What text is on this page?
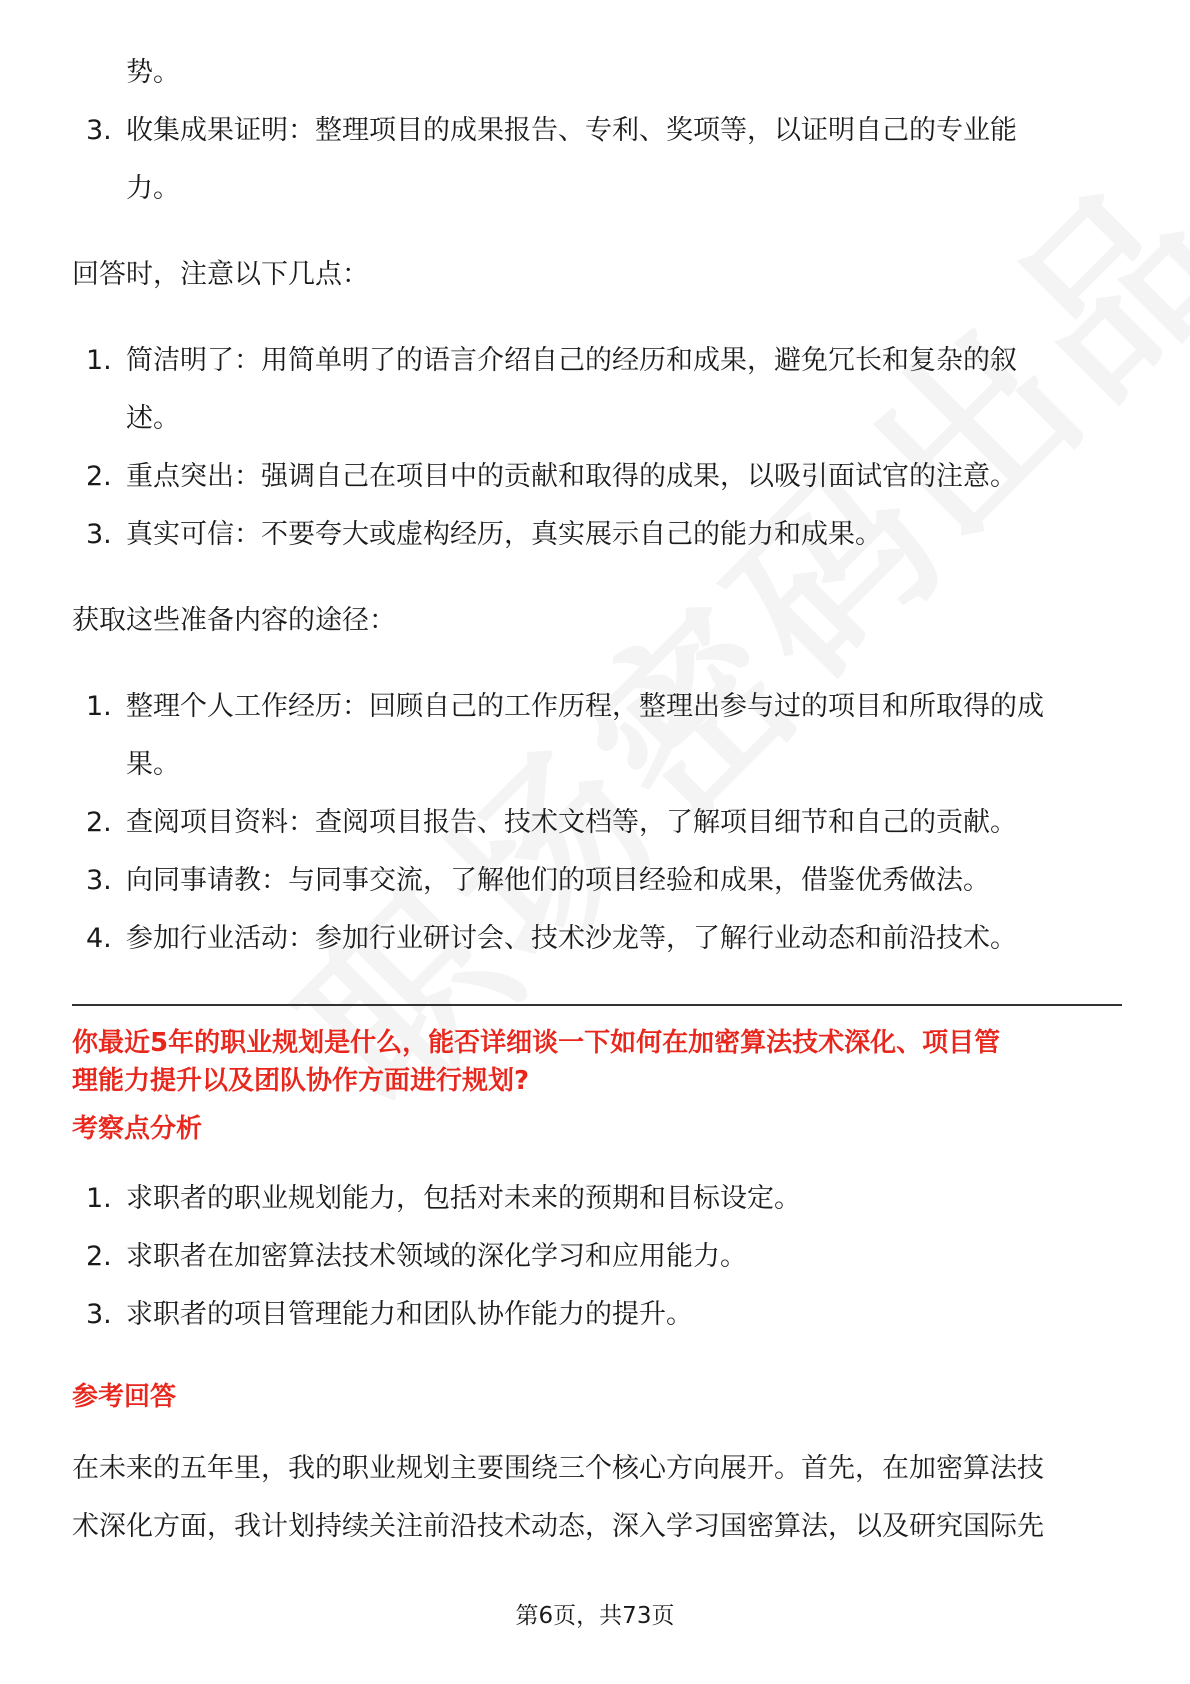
势。
3. 收集成果证明：整理项目的成果报告、专利、奖项等，以证明自己的专业能
力。

回答时，注意以下几点：

1. 简洁明了：用简单明了的语言介绍自己的经历和成果，避免冗长和复杂的叙
述。
2. 重点突出：强调自己在项目中的贡献和取得的成果，以吸引面试官的注意。
3. 真实可信：不要夸大或虚构经历，真实展示自己的能力和成果。

获取这些准备内容的途径：

1. 整理个人工作经历：回顾自己的工作历程，整理出参与过的项目和所取得的成
果。
2. 查阅项目资料：查阅项目报告、技术文档等，了解项目细节和自己的贡献。
3. 向同事请教：与同事交流，了解他们的项目经验和成果，借鉴优秀做法。
4. 参加行业活动：参加行业研讨会、技术沙龙等，了解行业动态和前沿技术。

你最近5年的职业规划是什么，能否详细谈一下如何在加密算法技术深化、项目管
理能力提升以及团队协作方面进行规划?

考察点分析

1. 求职者的职业规划能力，包括对未来的预期和目标设定。
2. 求职者在加密算法技术领域的深化学习和应用能力。
3. 求职者的项目管理能力和团队协作能力的提升。

参考回答

在未来的五年里，我的职业规划主要围绕三个核心方向展开。首先，在加密算法技
术深化方面，我计划持续关注前沿技术动态，深入学习国密算法，以及研究国际先

第6页，共73页
